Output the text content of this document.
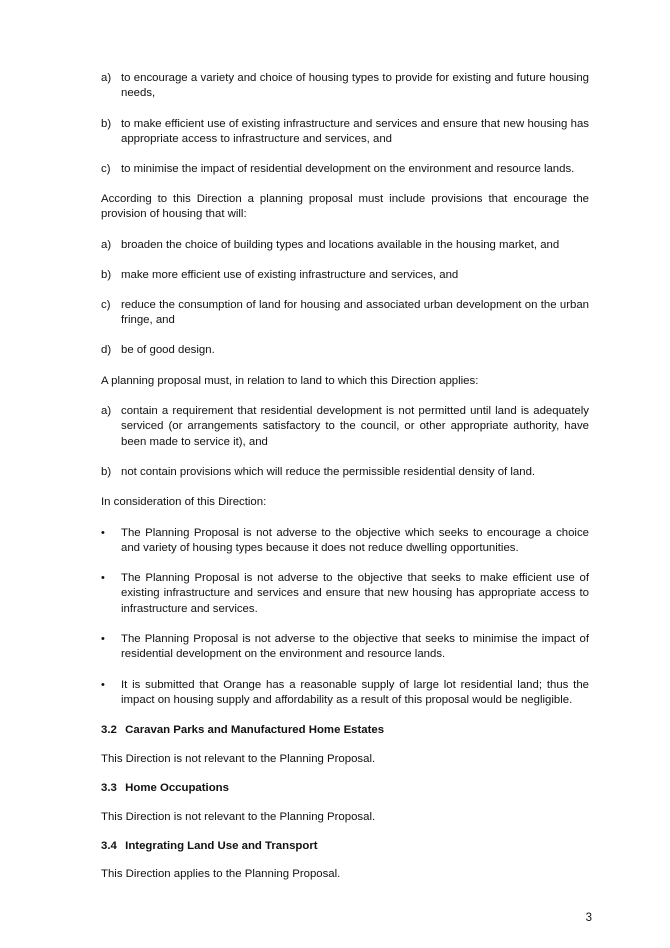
a) to encourage a variety and choice of housing types to provide for existing and future housing needs,
b) to make efficient use of existing infrastructure and services and ensure that new housing has appropriate access to infrastructure and services, and
c) to minimise the impact of residential development on the environment and resource lands.

According to this Direction a planning proposal must include provisions that encourage the provision of housing that will:

a) broaden the choice of building types and locations available in the housing market, and
b) make more efficient use of existing infrastructure and services, and
c) reduce the consumption of land for housing and associated urban development on the urban fringe, and
d) be of good design.

A planning proposal must, in relation to land to which this Direction applies:

a) contain a requirement that residential development is not permitted until land is adequately serviced (or arrangements satisfactory to the council, or other appropriate authority, have been made to service it), and
b) not contain provisions which will reduce the permissible residential density of land.

In consideration of this Direction:

•	The Planning Proposal is not adverse to the objective which seeks to encourage a choice and variety of housing types because it does not reduce dwelling opportunities.
•	The Planning Proposal is not adverse to the objective that seeks to make efficient use of existing infrastructure and services and ensure that new housing has appropriate access to infrastructure and services.
•	The Planning Proposal is not adverse to the objective that seeks to minimise the impact of residential development on the environment and resource lands.
•	It is submitted that Orange has a reasonable supply of large lot residential land; thus the impact on housing supply and affordability as a result of this proposal would be negligible.
3.2 Caravan Parks and Manufactured Home Estates

This Direction is not relevant to the Planning Proposal.

3.3 Home Occupations

This Direction is not relevant to the Planning Proposal.

3.4 Integrating Land Use and Transport

This Direction applies to the Planning Proposal.

3
